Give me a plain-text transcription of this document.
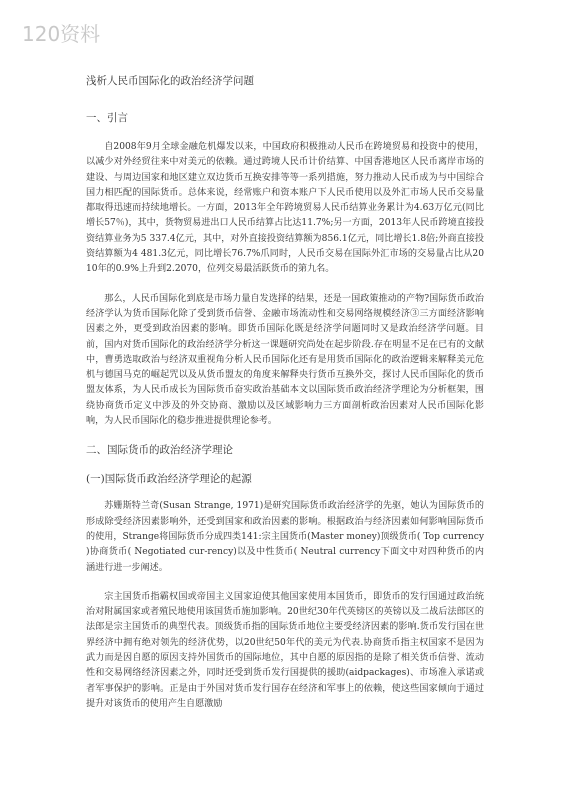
120资料
浅析人民币国际化的政治经济学问题
一、引言

自2008年9月全球金融危机爆发以来，中国政府积极推动人民币在跨境贸易和投资中的使用，以减少对外经贸往来中对美元的依赖。通过跨境人民币计价结算、中国香港地区人民币离岸市场的建设、与周边国家和地区建立双边货币互换安排等等一系列措施，努力推动人民币成为与中国综合国力相匹配的国际货币。总体来说，经常账户和资本账户下人民币使用以及外汇市场人民币交易量都取得迅速而持续地增长。一方面，2013年全年跨境贸易人民币结算业务累计为4.63万亿元(同比增长57％)，其中，货物贸易进出口人民币结算占比达11.7%;另一方面，2013年人民币跨境直接投资结算业务为5 337.4亿元，其中，对外直接投资结算额为856.1亿元，同比增长1.8倍;外商直接投资结算额为4 481.3亿元，同比增长76.7%爪同时，人民币交易在国际外汇市场的交易量占比从2010年的0.9%上升到2.2070，位列交易最活跃货币的第九名。

那么，人民币国际化到底是市场力量自发选择的结果，还是一国政策推动的产物?国际货币政治经济学认为货币国际化除了受到货币信誉、金融市场流动性和交易网络规模经济③三方面经济影响因素之外，更受到政治因素的影响。即货币国际化既是经济学问题同时又是政治经济学问题。目前，国内对货币国际化的政治经济学分析这一课题研究尚处在起步阶段.存在明显不足在已有的文献中，曹勇选取政治与经济双重视角分析人民币国际化还有是用货币国际化的政治逻辑来解释美元危机与德国马克的崛起咒以及从货币盟友的角度来解释央行货币互换外交，探讨人民币国际化的货币盟友体系，为人民币成长为国际货币奋实政治基础本文以国际货币政治经济学理论为分析框架，围绕协商货币定义中涉及的外交协商、激励以及区域影响力三方面剖析政治因素对人民币国际化影响，为人民币国际化的稳步推进提供理论参考。

二、国际货币的政治经济学理论
(一)国际货币政治经济学理论的起源

苏姗斯特兰奇(Susan Strange, 1971)是研究国际货币政治经济学的先驱，她认为国际货币的形成除受经济因素影响外，还受到国家和政治因素的影响。根据政治与经济因素如何影响国际货币的使用，Strange将国际货币分成四类141:宗主国货币(Master money)顶级货币( Top currency )协商货币( Negotiated cur-rency)以及中性货币( Neutral currency下面文中对四种货币的内涵进行进一步阐述。

宗主国货币指霸权国或帝国主义国家迫使其他国家使用本国货币，即货币的发行国通过政治统治对附属国家或者殖民地使用该国货币施加影响。20世纪30年代英镑区的英镑以及二战后法郎区的法郎是宗主国货币的典型代表。顶级货币指的国际货币地位主要受经济因素的影响.货币发行国在世界经济中拥有绝对领先的经济优势，以20世纪50年代的美元为代表.协商货币指主权国家不是因为武力而是因自愿的原因支持外国货币的国际地位，其中自愿的原因指的是除了相关货币信誉、流动性和交易网络经济因素之外，同时还受到货币发行国提供的援助(aidpackages)、市场准入承诺或者军事保护的影响。正是由于外国对货币发行国存在经济和军事上的依赖，使这些国家倾向于通过提升对该货币的使用产生自愿激励
